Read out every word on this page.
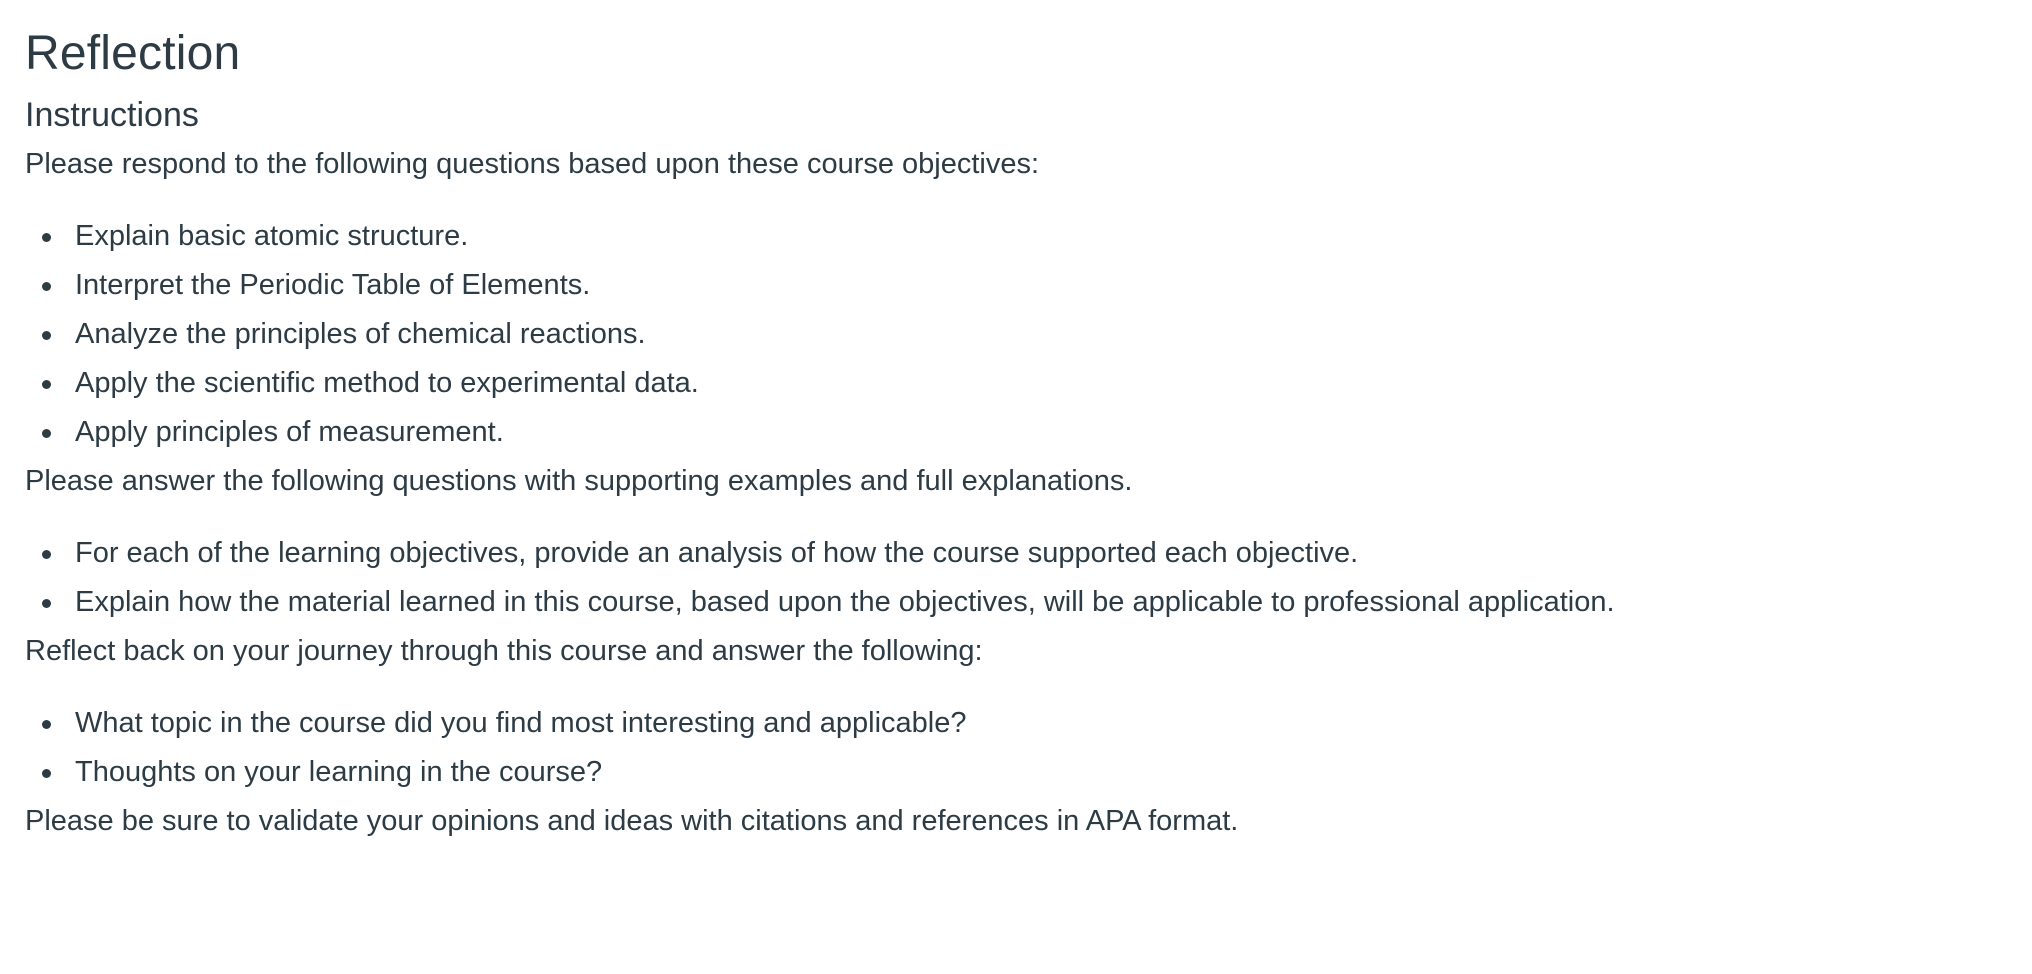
Reflection
Instructions

Please respond to the following questions based upon these course objectives:

Explain basic atomic structure.
Interpret the Periodic Table of Elements.
Analyze the principles of chemical reactions.
Apply the scientific method to experimental data.
Apply principles of measurement.

Please answer the following questions with supporting examples and full explanations.

For each of the learning objectives, provide an analysis of how the course supported each objective.
Explain how the material learned in this course, based upon the objectives, will be applicable to professional application.

Reflect back on your journey through this course and answer the following:

What topic in the course did you find most interesting and applicable?
Thoughts on your learning in the course?

Please be sure to validate your opinions and ideas with citations and references in APA format.
